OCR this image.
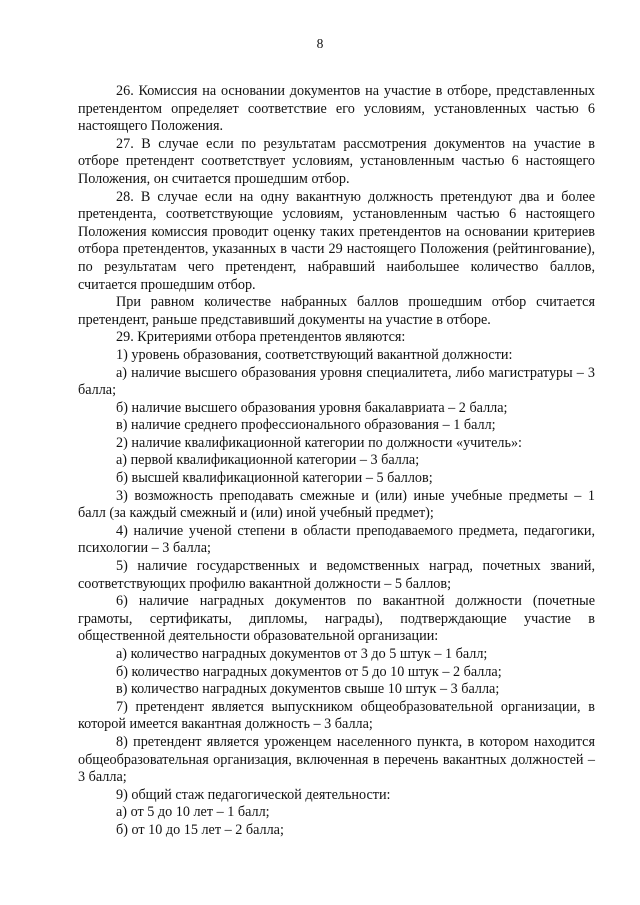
8

26. Комиссия на основании документов на участие в отборе, представленных претендентом определяет соответствие его условиям, установленных частью 6 настоящего Положения.

27. В случае если по результатам рассмотрения документов на участие в отборе претендент соответствует условиям, установленным частью 6 настоящего Положения, он считается прошедшим отбор.

28. В случае если на одну вакантную должность претендуют два и более претендента, соответствующие условиям, установленным частью 6 настоящего Положения комиссия проводит оценку таких претендентов на основании критериев отбора претендентов, указанных в части 29 настоящего Положения (рейтингование), по результатам чего претендент, набравший наибольшее количество баллов, считается прошедшим отбор.

При равном количестве набранных баллов прошедшим отбор считается претендент, раньше представивший документы на участие в отборе.

29. Критериями отбора претендентов являются:

1) уровень образования, соответствующий вакантной должности:

а) наличие высшего образования уровня специалитета, либо магистратуры – 3 балла;

б) наличие высшего образования уровня бакалавриата – 2 балла;

в) наличие среднего профессионального образования – 1 балл;

2) наличие квалификационной категории по должности «учитель»:

а) первой квалификационной категории – 3 балла;

б) высшей квалификационной категории – 5 баллов;

3) возможность преподавать смежные и (или) иные учебные предметы – 1 балл (за каждый смежный и (или) иной учебный предмет);

4) наличие ученой степени в области преподаваемого предмета, педагогики, психологии – 3 балла;

5) наличие государственных и ведомственных наград, почетных званий, соответствующих профилю вакантной должности – 5 баллов;

6) наличие наградных документов по вакантной должности (почетные грамоты, сертификаты, дипломы, награды), подтверждающие участие в общественной деятельности образовательной организации:

а) количество наградных документов от 3 до 5 штук – 1 балл;

б) количество наградных документов от 5 до 10 штук – 2 балла;

в) количество наградных документов свыше 10 штук – 3 балла;

7) претендент является выпускником общеобразовательной организации, в которой имеется вакантная должность – 3 балла;

8) претендент является уроженцем населенного пункта, в котором находится общеобразовательная организация, включенная в перечень вакантных должностей – 3 балла;

9) общий стаж педагогической деятельности:

а) от 5 до 10 лет – 1 балл;

б) от 10 до 15 лет – 2 балла;
